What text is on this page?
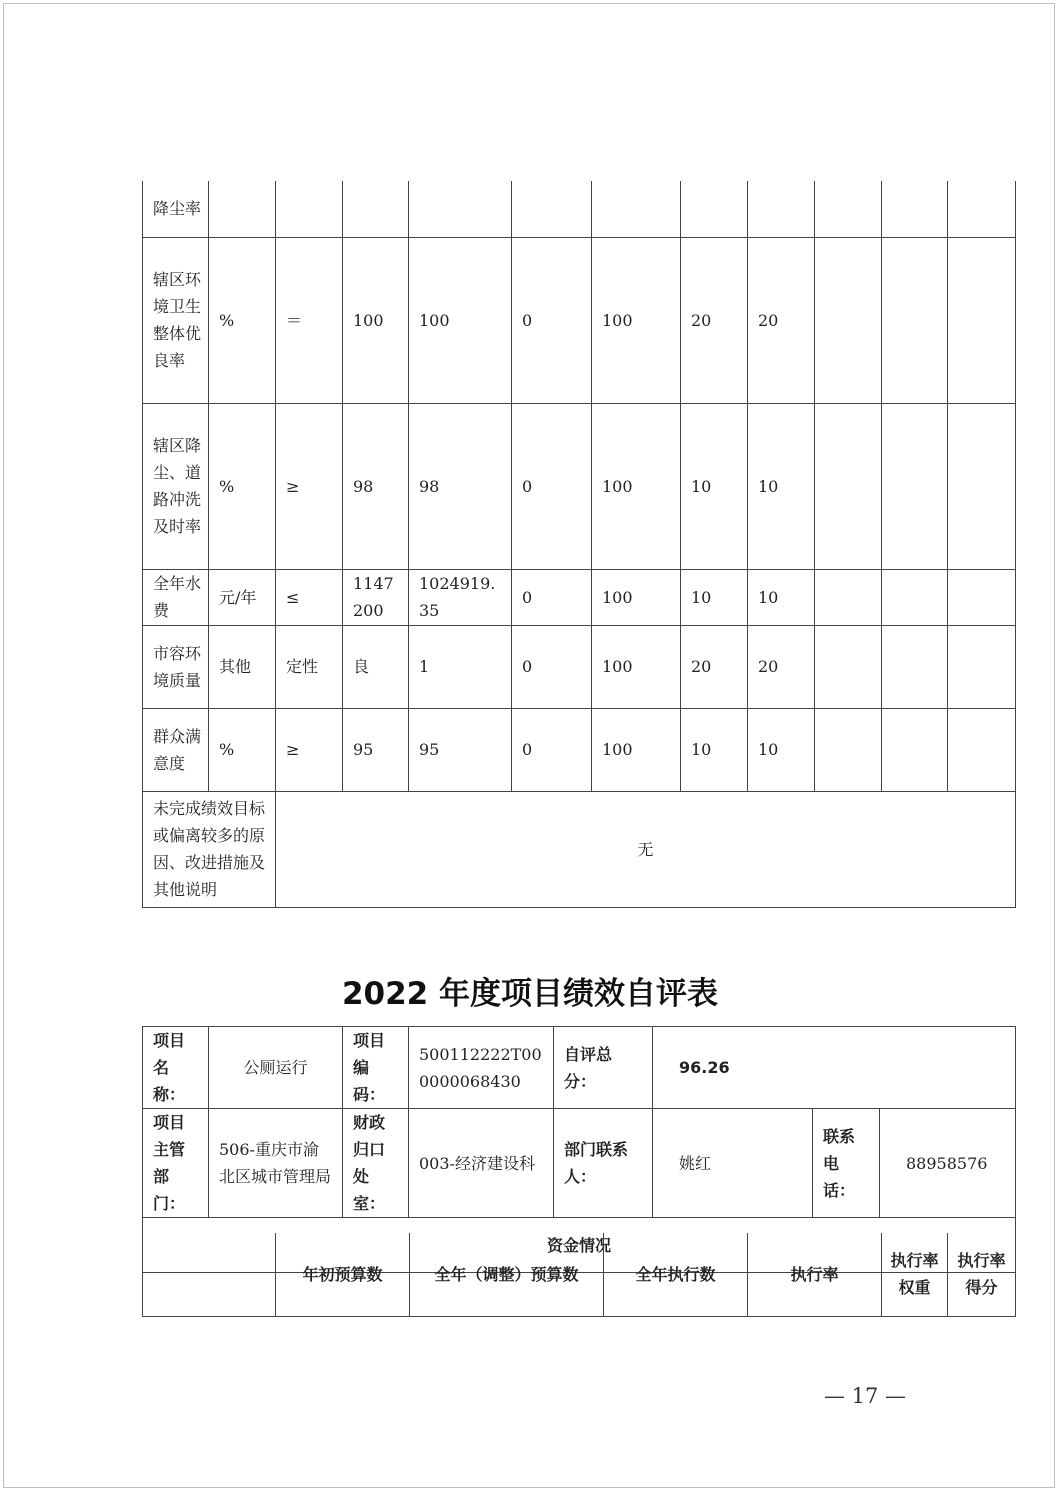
降尘率											
辖区环境卫生整体优良率	%	＝	100	100	0	100	20	20			
辖区降尘、道路冲洗及时率	%	≥	98	98	0	100	10	10			
全年水费	元/年	≤	1147200	1024919.35	0	100	10	10			
市容环境质量	其他	定性	良	1	0	100	20	20			
群众满意度	%	≥	95	95	0	100	10	10			
未完成绩效目标或偏离较多的原因、改进措施及其他说明		无									
2022 年度项目绩效自评表
项目名称：	公厕运行	项目编码：	500112222T000000068430	自评总分：	96.26		
项目主管部门：	506-重庆市渝北区城市管理局	财政归口处室：	003-经济建设科	部门联系人：	姚红	联系电话：	88958576
资金情况							
	年初预算数	全年（调整）预算数	全年执行数	执行率	执行率权重	执行率得分
— 17 —
